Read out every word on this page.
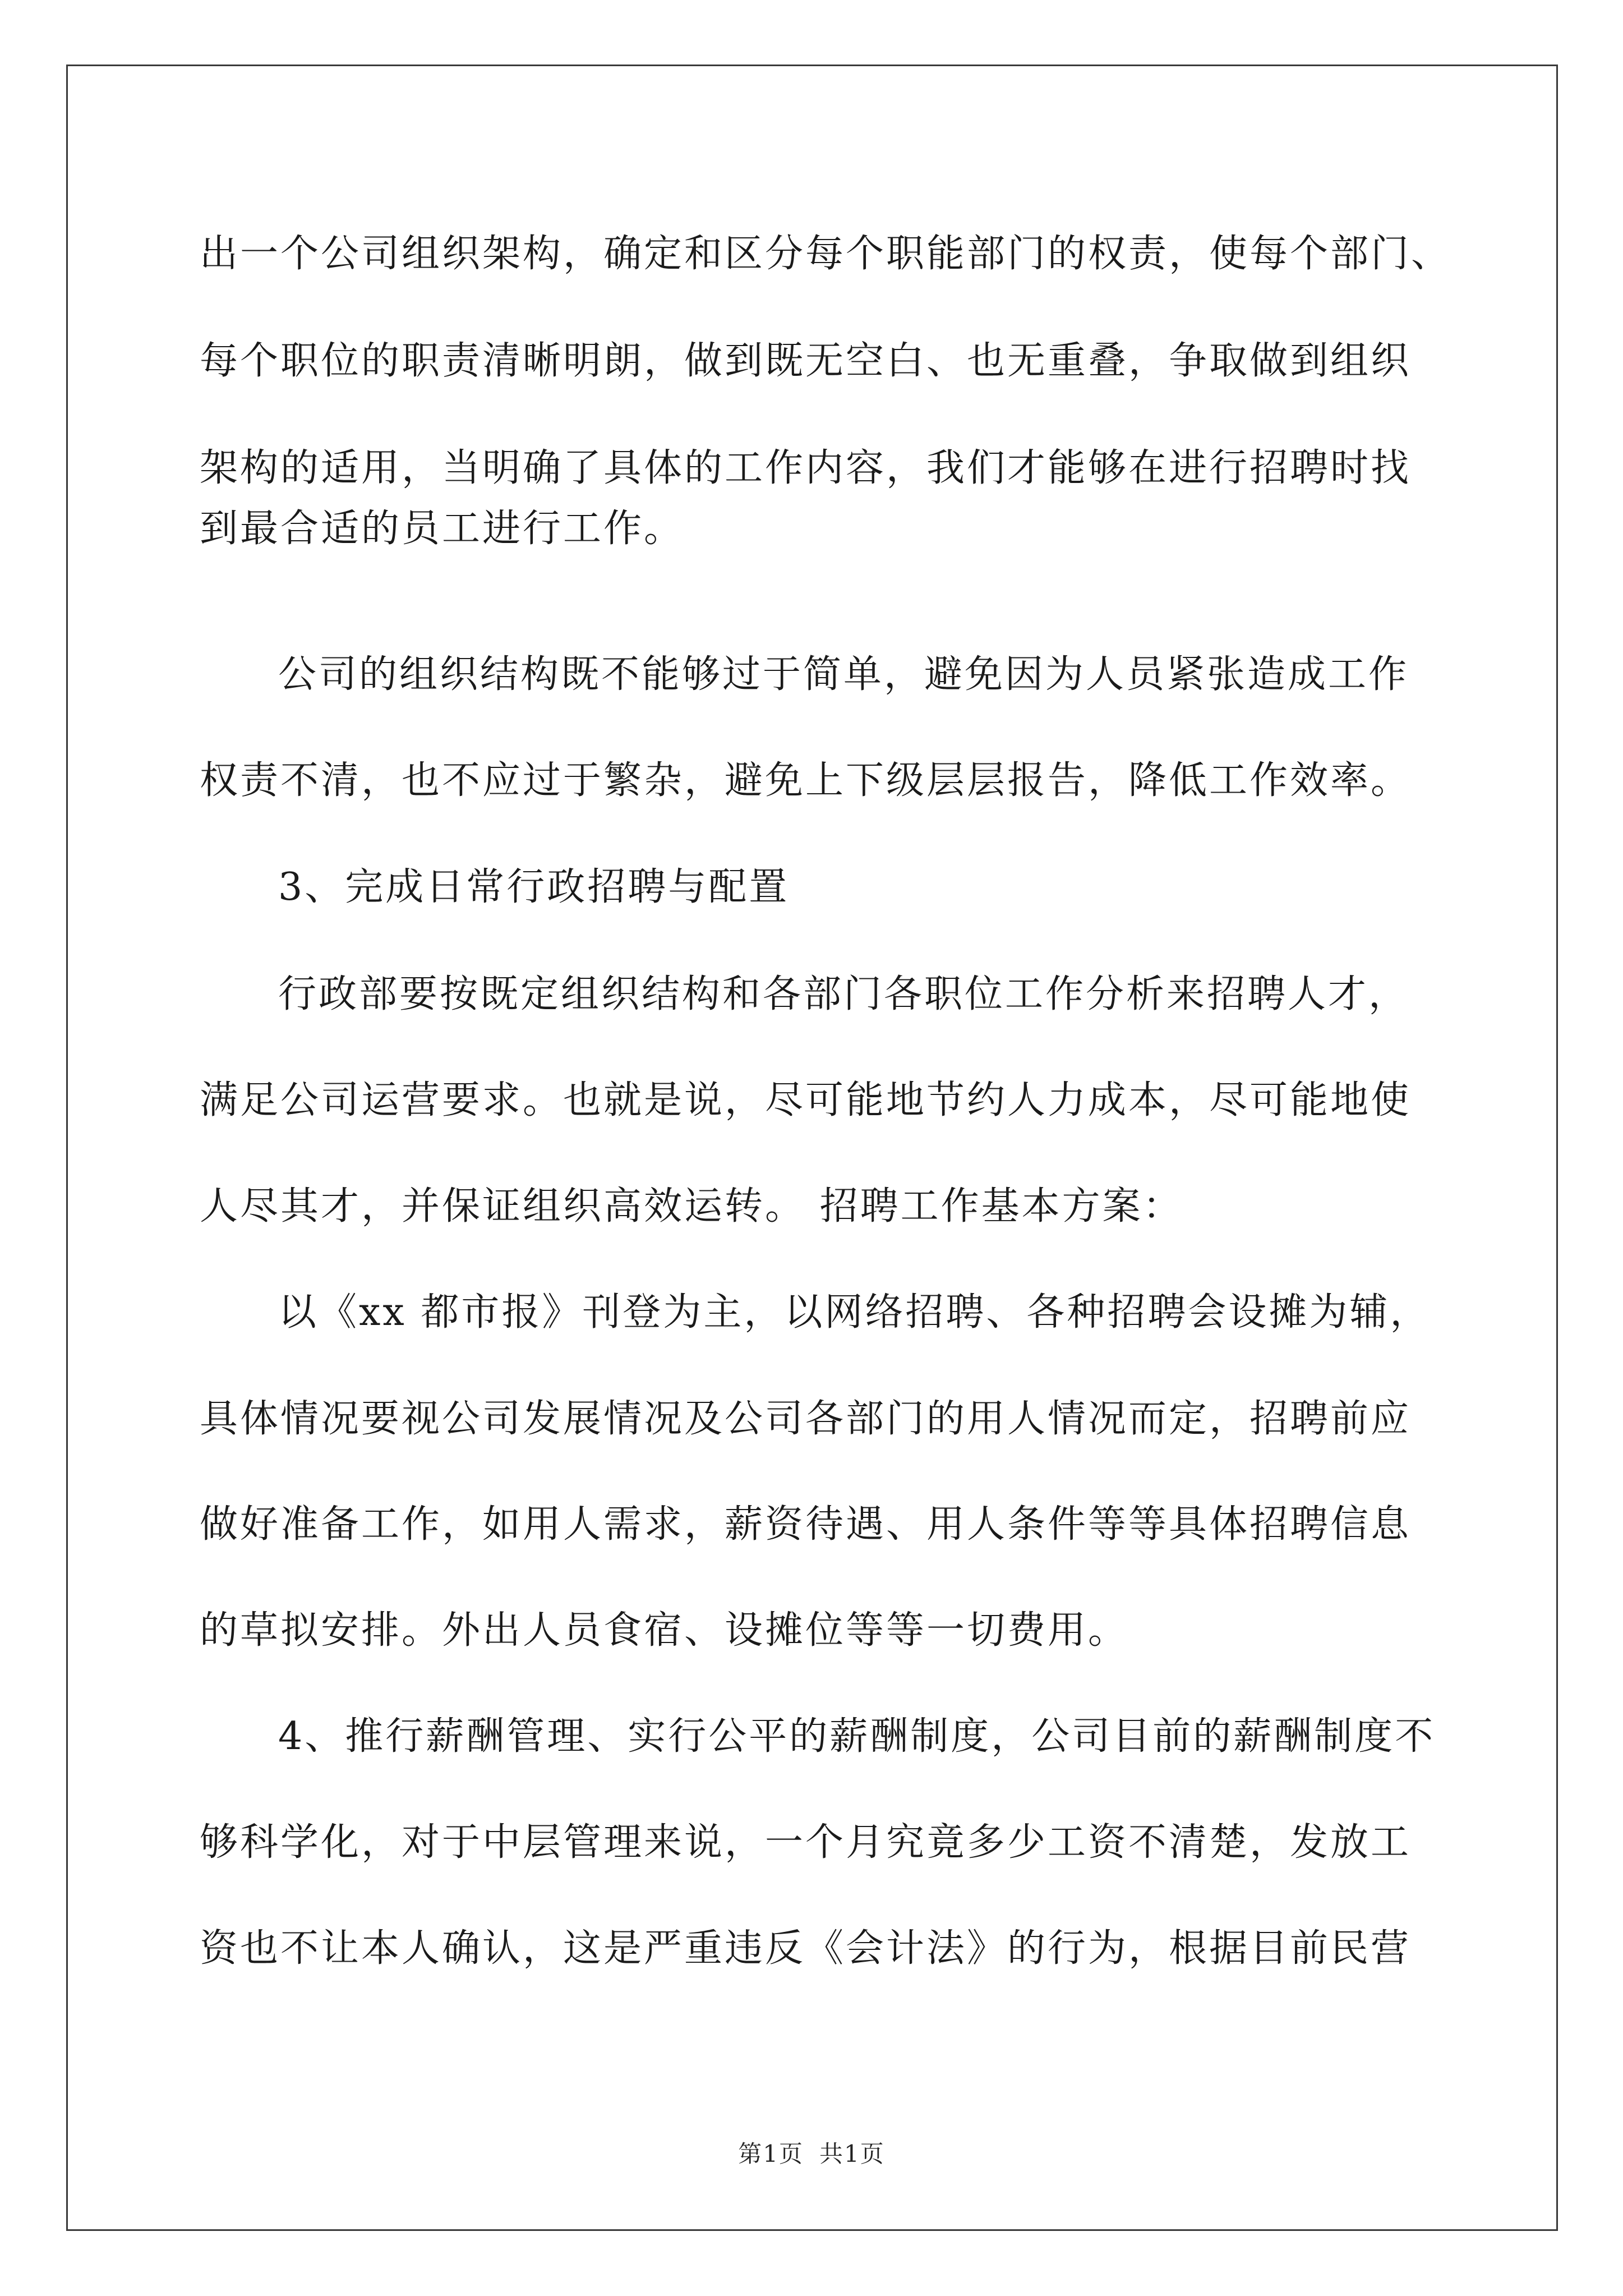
出一个公司组织架构，确定和区分每个职能部门的权责，使每个部门、
每个职位的职责清晰明朗，做到既无空白、也无重叠，争取做到组织
架构的适用，当明确了具体的工作内容，我们才能够在进行招聘时找
到最合适的员工进行工作。
公司的组织结构既不能够过于简单，避免因为人员紧张造成工作
权责不清，也不应过于繁杂，避免上下级层层报告，降低工作效率。
3、完成日常行政招聘与配置
行政部要按既定组织结构和各部门各职位工作分析来招聘人才，
满足公司运营要求。也就是说，尽可能地节约人力成本，尽可能地使
人尽其才，并保证组织高效运转。 招聘工作基本方案：
以《xx 都市报》刊登为主，以网络招聘、各种招聘会设摊为辅，
具体情况要视公司发展情况及公司各部门的用人情况而定，招聘前应
做好准备工作，如用人需求，薪资待遇、用人条件等等具体招聘信息
的草拟安排。外出人员食宿、设摊位等等一切费用。
4、推行薪酬管理、实行公平的薪酬制度，公司目前的薪酬制度不
够科学化，对于中层管理来说，一个月究竟多少工资不清楚，发放工
资也不让本人确认，这是严重违反《会计法》的行为，根据目前民营
第1页 共1页
